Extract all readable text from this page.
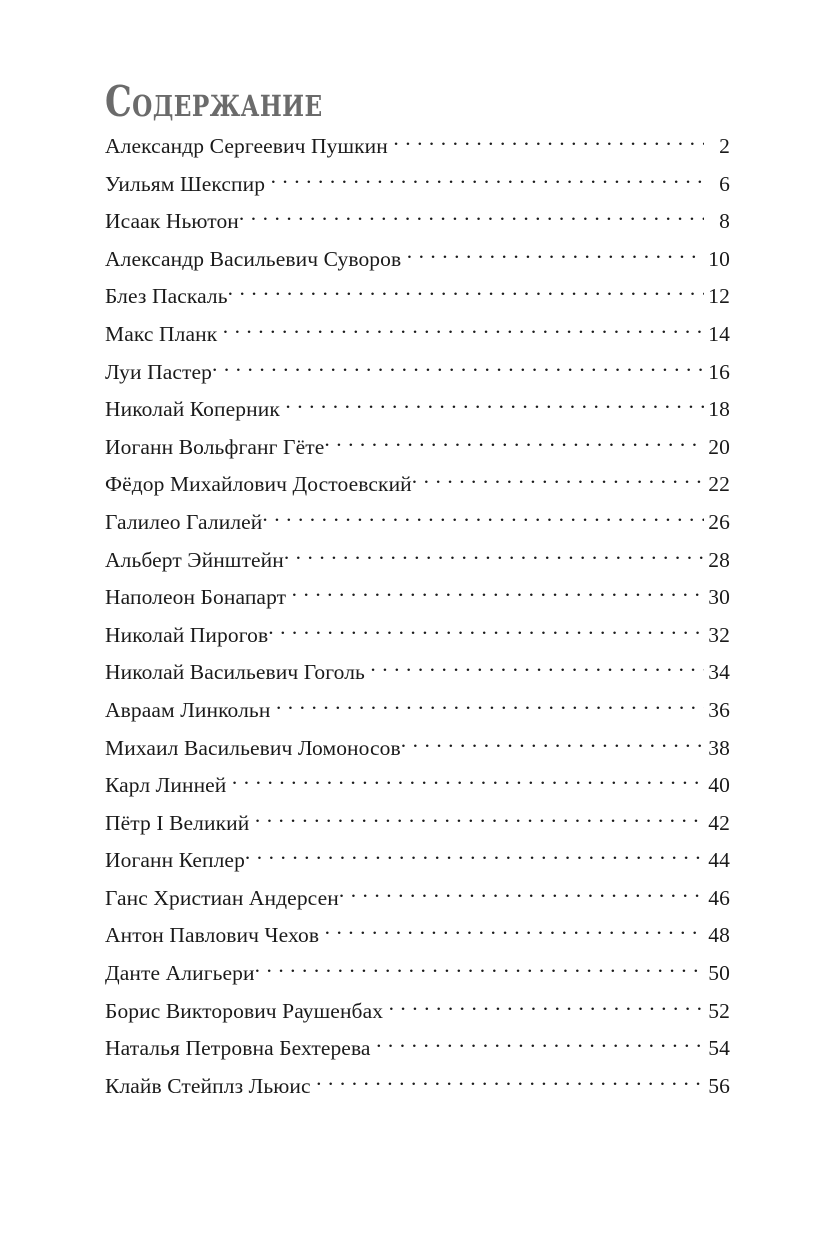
Содержание
Александр Сергеевич Пушкин . . .	2
Уильям Шекспир . . .	6
Исаак Ньютон . . .	8
Александр Васильевич Суворов . . .	10
Блез Паскаль . . .	12
Макс Планк . . .	14
Луи Пастер . . .	16
Николай Коперник . . .	18
Иоганн Вольфганг Гёте . . .	20
Фёдор Михайлович Достоевский . . .	22
Галилео Галилей . . .	26
Альберт Эйнштейн . . .	28
Наполеон Бонапарт . . .	30
Николай Пирогов . . .	32
Николай Васильевич Гоголь . . .	34
Авраам Линкольн . . .	36
Михаил Васильевич Ломоносов . . .	38
Карл Линней . . .	40
Пётр I Великий . . .	42
Иоганн Кеплер . . .	44
Ганс Христиан Андерсен . . .	46
Антон Павлович Чехов . . .	48
Данте Алигьери . . .	50
Борис Викторович Раушенбах . . .	52
Наталья Петровна Бехтерева . . .	54
Клайв Стейплз Льюис . . .	56
